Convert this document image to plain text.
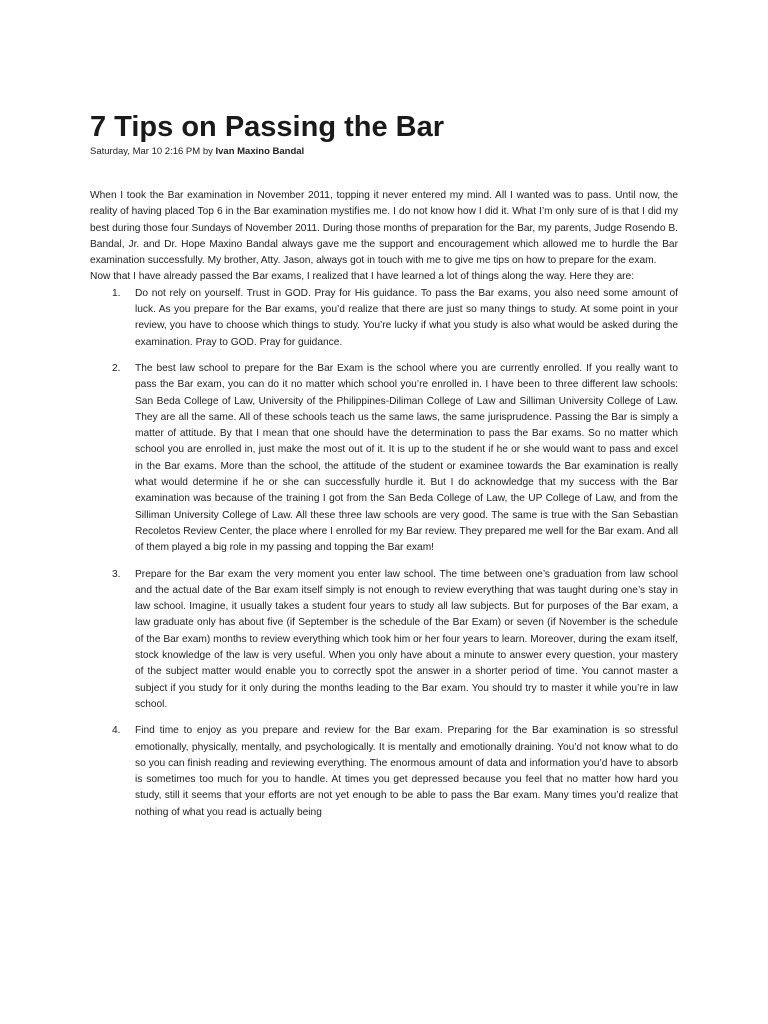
7 Tips on Passing the Bar
Saturday, Mar 10 2:16 PM by Ivan Maxino Bandal

When I took the Bar examination in November 2011, topping it never entered my mind. All I wanted was to pass. Until now, the reality of having placed Top 6 in the Bar examination mystifies me. I do not know how I did it. What I’m only sure of is that I did my best during those four Sundays of November 2011. During those months of preparation for the Bar, my parents, Judge Rosendo B. Bandal, Jr. and Dr. Hope Maxino Bandal always gave me the support and encouragement which allowed me to hurdle the Bar examination successfully. My brother, Atty. Jason, always got in touch with me to give me tips on how to prepare for the exam.

Now that I have already passed the Bar exams, I realized that I have learned a lot of things along the way. Here they are:

1. Do not rely on yourself. Trust in GOD. Pray for His guidance. To pass the Bar exams, you also need some amount of luck. As you prepare for the Bar exams, you’d realize that there are just so many things to study. At some point in your review, you have to choose which things to study. You’re lucky if what you study is also what would be asked during the examination. Pray to GOD. Pray for guidance.
2. The best law school to prepare for the Bar Exam is the school where you are currently enrolled. If you really want to pass the Bar exam, you can do it no matter which school you’re enrolled in. I have been to three different law schools: San Beda College of Law, University of the Philippines-Diliman College of Law and Silliman University College of Law. They are all the same. All of these schools teach us the same laws, the same jurisprudence. Passing the Bar is simply a matter of attitude. By that I mean that one should have the determination to pass the Bar exams. So no matter which school you are enrolled in, just make the most out of it. It is up to the student if he or she would want to pass and excel in the Bar exams. More than the school, the attitude of the student or examinee towards the Bar examination is really what would determine if he or she can successfully hurdle it. But I do acknowledge that my success with the Bar examination was because of the training I got from the San Beda College of Law, the UP College of Law, and from the Silliman University College of Law. All these three law schools are very good. The same is true with the San Sebastian Recoletos Review Center, the place where I enrolled for my Bar review. They prepared me well for the Bar exam. And all of them played a big role in my passing and topping the Bar exam!
3. Prepare for the Bar exam the very moment you enter law school. The time between one’s graduation from law school and the actual date of the Bar exam itself simply is not enough to review everything that was taught during one’s stay in law school. Imagine, it usually takes a student four years to study all law subjects. But for purposes of the Bar exam, a law graduate only has about five (if September is the schedule of the Bar Exam) or seven (if November is the schedule of the Bar exam) months to review everything which took him or her four years to learn. Moreover, during the exam itself, stock knowledge of the law is very useful. When you only have about a minute to answer every question, your mastery of the subject matter would enable you to correctly spot the answer in a shorter period of time. You cannot master a subject if you study for it only during the months leading to the Bar exam. You should try to master it while you’re in law school.
4. Find time to enjoy as you prepare and review for the Bar exam. Preparing for the Bar examination is so stressful emotionally, physically, mentally, and psychologically. It is mentally and emotionally draining. You’d not know what to do so you can finish reading and reviewing everything. The enormous amount of data and information you’d have to absorb is sometimes too much for you to handle. At times you get depressed because you feel that no matter how hard you study, still it seems that your efforts are not yet enough to be able to pass the Bar exam. Many times you’d realize that nothing of what you read is actually being
